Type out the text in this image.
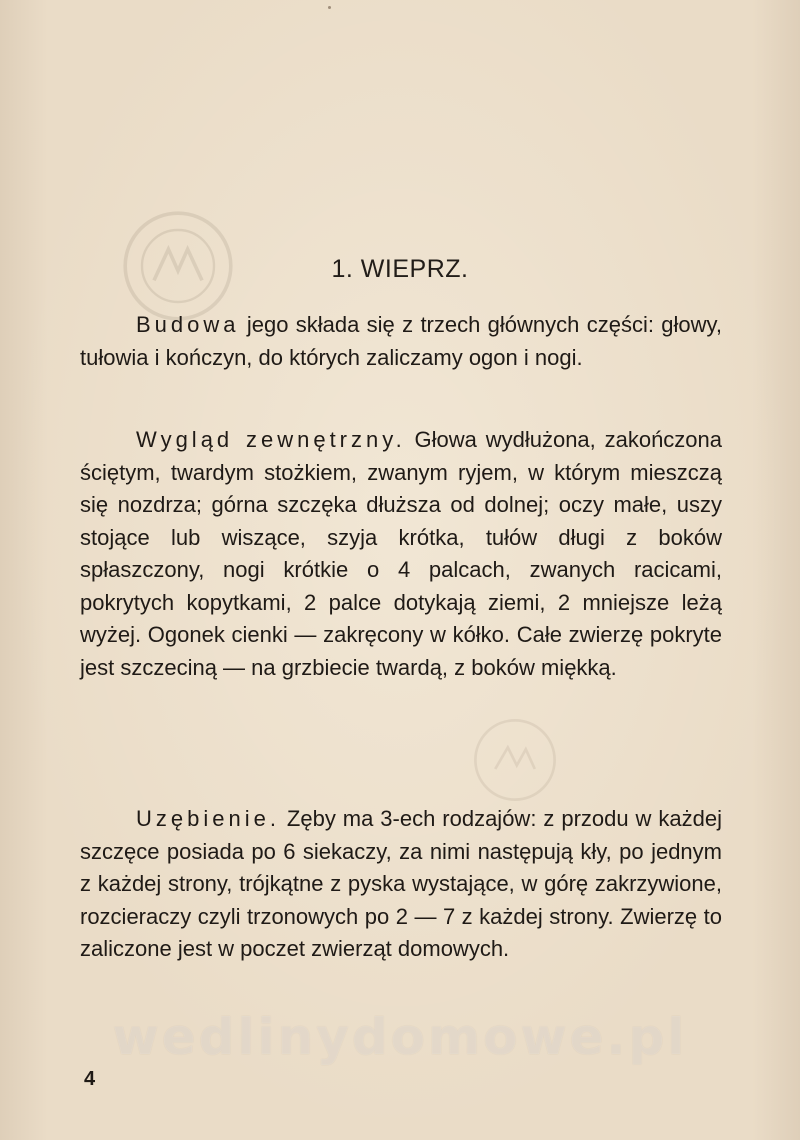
1. WIEPRZ.

Budowa jego składa się z trzech głównych części: głowy, tułowia i kończyn, do których zaliczamy ogon i nogi.

Wygląd zewnętrzny. Głowa wydłużona, zakończona ściętym, twardym stożkiem, zwanym ryjem, w którym mieszczą się nozdrza; górna szczęka dłuższa od dolnej; oczy małe, uszy stojące lub wiszące, szyja krótka, tułów długi z boków spłaszczony, nogi krótkie o 4 palcach, zwanych racicami, pokrytych kopytkami, 2 palce dotykają ziemi, 2 mniejsze leżą wyżej. Ogonek cienki — zakręcony w kółko. Całe zwierzę pokryte jest szczeciną — na grzbiecie twardą, z boków miękką.

Uzębienie. Zęby ma 3-ech rodzajów: z przodu w każdej szczęce posiada po 6 siekaczy, za nimi następują kły, po jednym z każdej strony, trójkątne z pyska wystające, w górę zakrzywione, rozcieraczy czyli trzonowych po 2 — 7 z każdej strony. Zwierzę to zaliczone jest w poczet zwierząt domowych.

wedlinydomowe.pl
4
